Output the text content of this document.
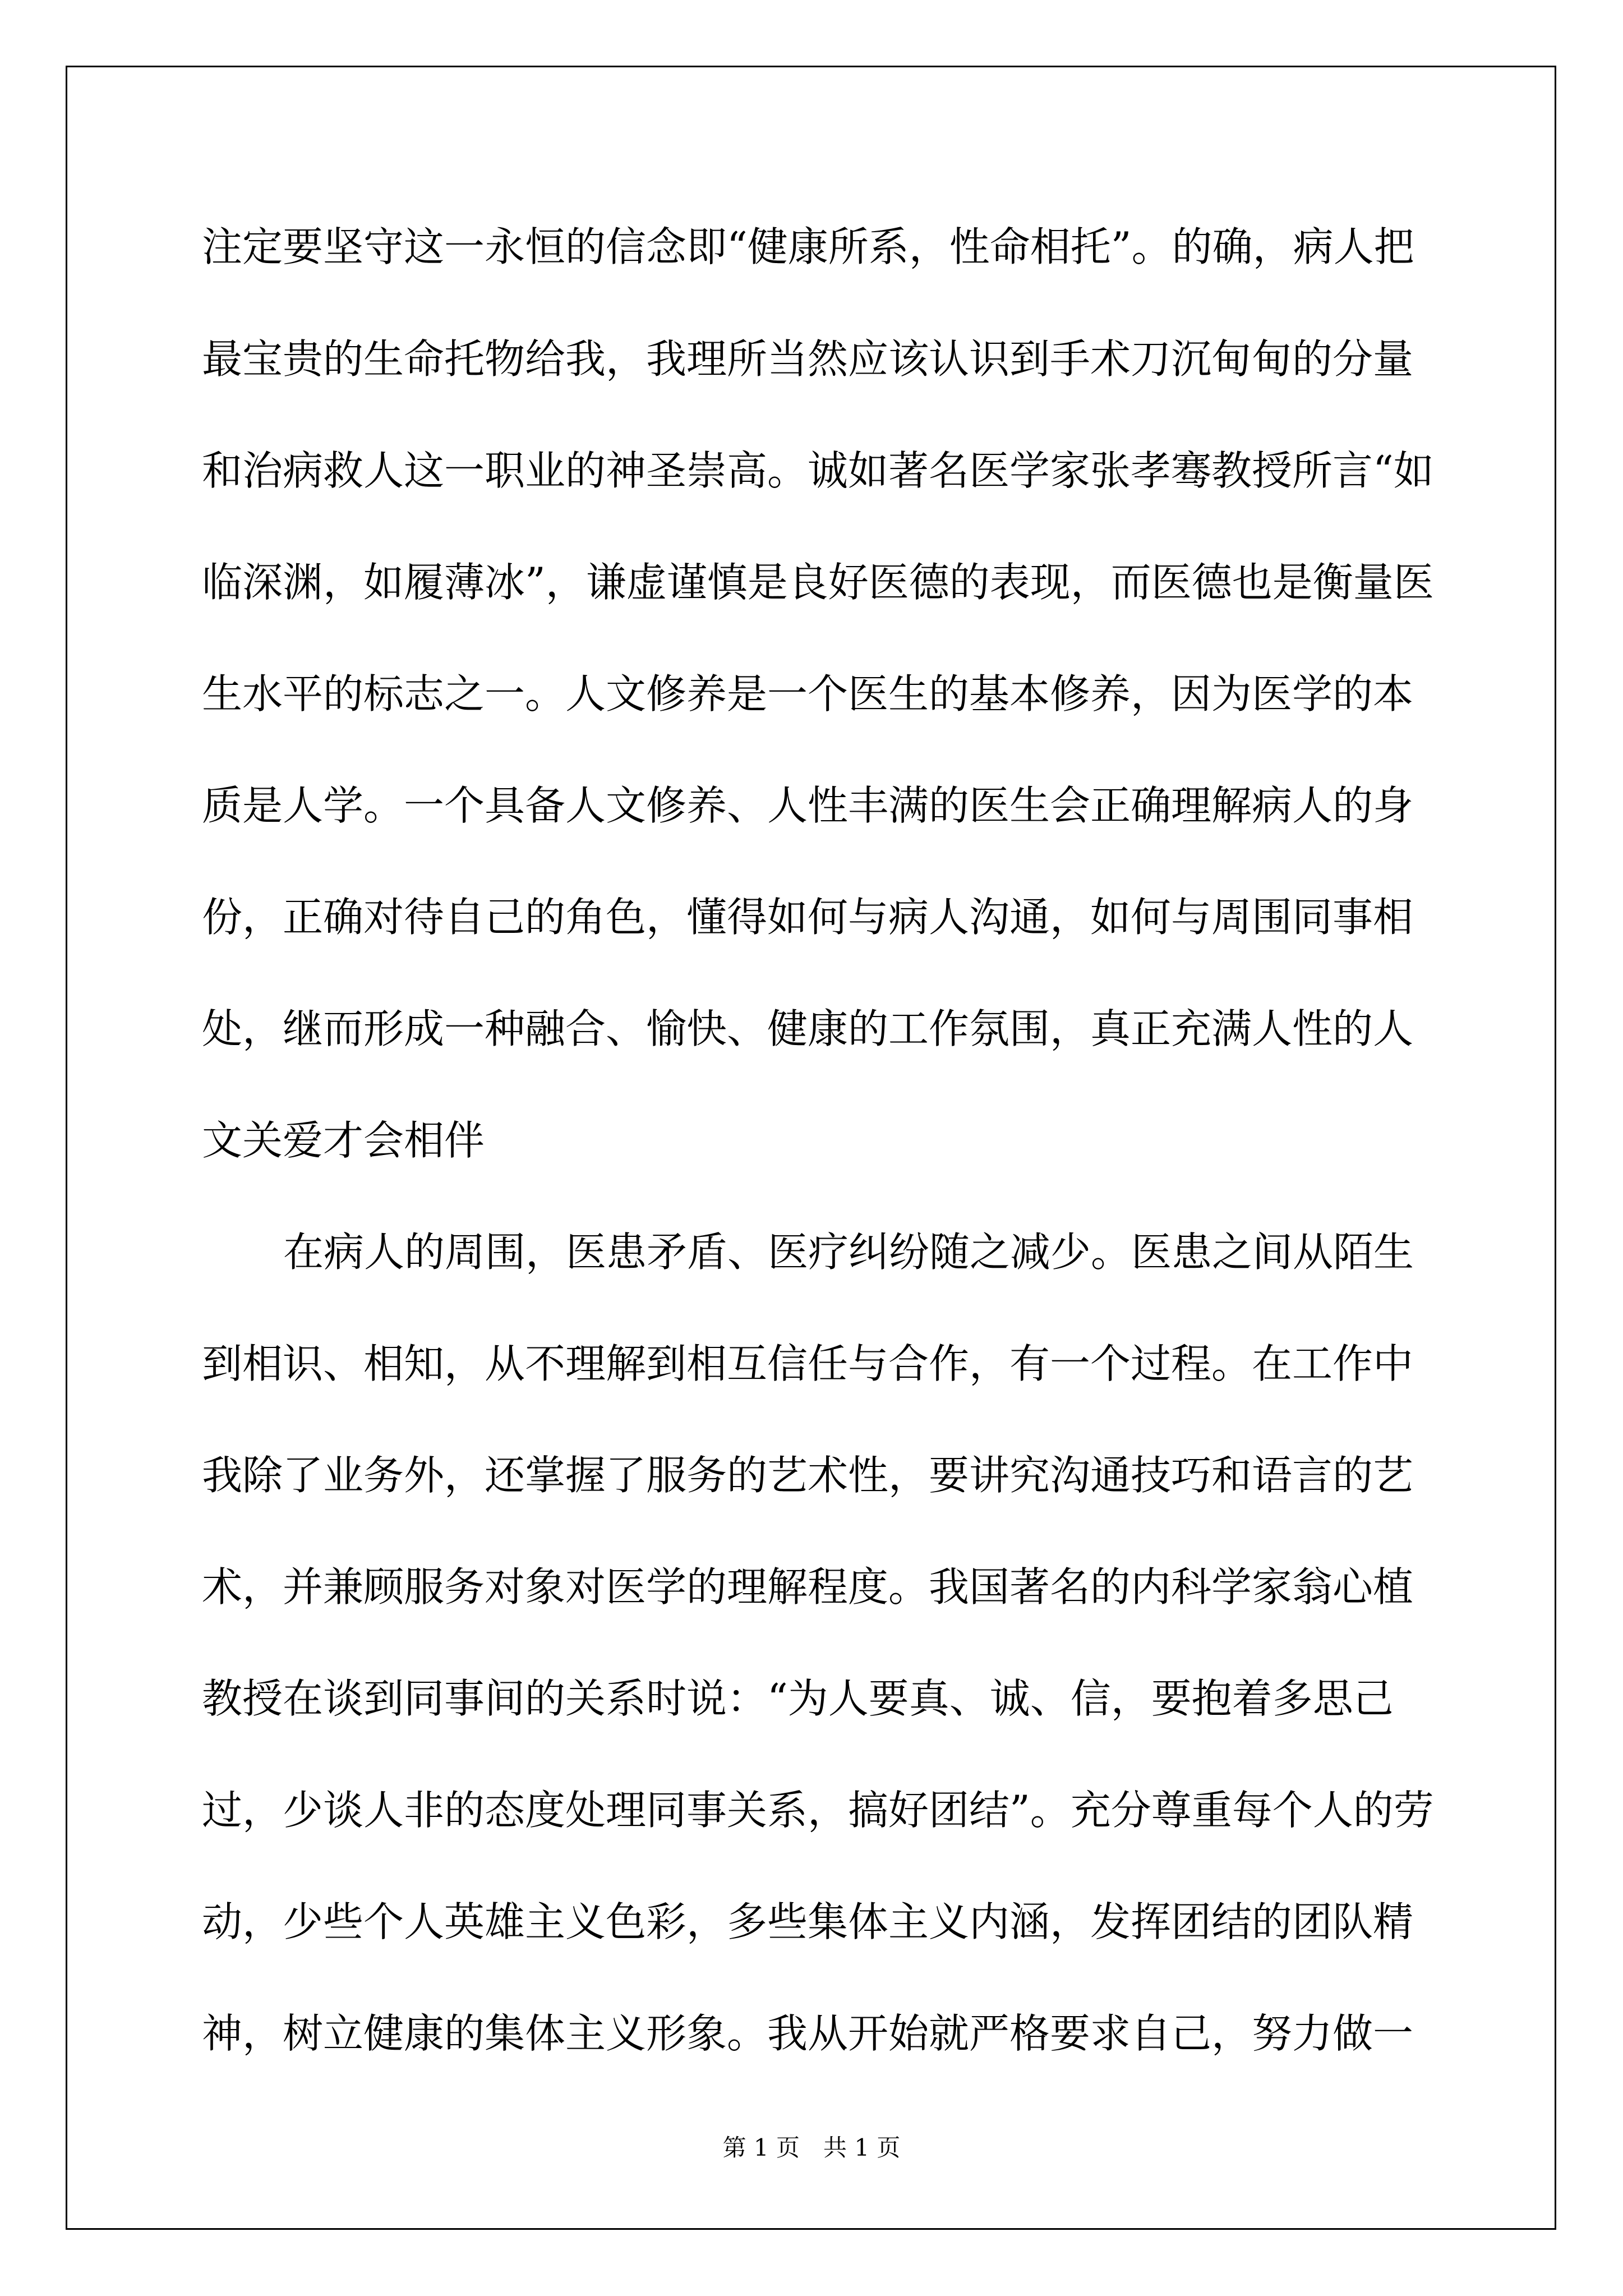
注定要坚守这一永恒的信念即“健康所系，性命相托”。的确，病人把
最宝贵的生命托物给我，我理所当然应该认识到手术刀沉甸甸的分量
和治病救人这一职业的神圣崇高。诚如著名医学家张孝骞教授所言“如
临深渊，如履薄冰”，谦虚谨慎是良好医德的表现，而医德也是衡量医
生水平的标志之一。人文修养是一个医生的基本修养，因为医学的本
质是人学。一个具备人文修养、人性丰满的医生会正确理解病人的身
份，正确对待自己的角色，懂得如何与病人沟通，如何与周围同事相
处，继而形成一种融合、愉快、健康的工作氛围，真正充满人性的人
文关爱才会相伴
在病人的周围，医患矛盾、医疗纠纷随之减少。医患之间从陌生
到相识、相知，从不理解到相互信任与合作，有一个过程。在工作中
我除了业务外，还掌握了服务的艺术性，要讲究沟通技巧和语言的艺
术，并兼顾服务对象对医学的理解程度。我国著名的内科学家翁心植
教授在谈到同事间的关系时说：“为人要真、诚、信，要抱着多思己
过，少谈人非的态度处理同事关系，搞好团结”。充分尊重每个人的劳
动，少些个人英雄主义色彩，多些集体主义内涵，发挥团结的团队精
神，树立健康的集体主义形象。我从开始就严格要求自己，努力做一
第 1 页　共 1 页
